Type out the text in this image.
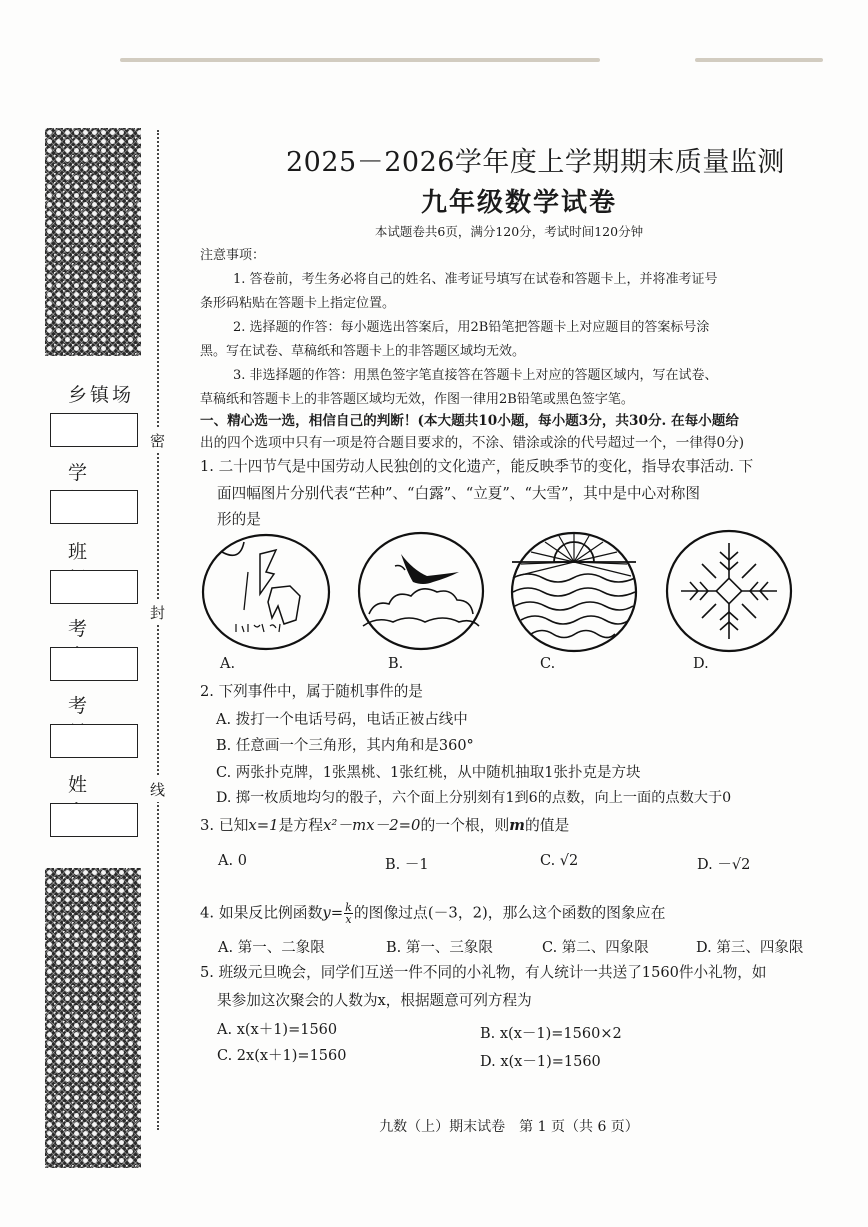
乡镇场
学　
班　
考　
考　
姓　
密
封
线
2025－2026学年度上学期期末质量监测
九年级数学试卷
本试题卷共6页，满分120分，考试时间120分钟
注意事项：
1. 答卷前，考生务必将自己的姓名、准考证号填写在试卷和答题卡上，并将准考证号
条形码粘贴在答题卡上指定位置。
2. 选择题的作答：每小题选出答案后，用2B铅笔把答题卡上对应题目的答案标号涂
黑。写在试卷、草稿纸和答题卡上的非答题区域均无效。
3. 非选择题的作答：用黑色签字笔直接答在答题卡上对应的答题区域内，写在试卷、
草稿纸和答题卡上的非答题区域均无效，作图一律用2B铅笔或黑色签字笔。
一、精心选一选，相信自己的判断！(本大题共10小题，每小题3分，共30分. 在每小题给
出的四个选项中只有一项是符合题目要求的，不涂、错涂或涂的代号超过一个，一律得0分)
1. 二十四节气是中国劳动人民独创的文化遗产，能反映季节的变化，指导农事活动. 下
面四幅图片分别代表“芒种”、“白露”、“立夏”、“大雪”，其中是中心对称图
形的是
A.	B.	C.	D.
2. 下列事件中，属于随机事件的是
A. 拨打一个电话号码，电话正被占线中
B. 任意画一个三角形，其内角和是360°
C. 两张扑克牌，1张黑桃、1张红桃，从中随机抽取1张扑克是方块
D. 掷一枚质地均匀的骰子，六个面上分别刻有1到6的点数，向上一面的点数大于0
3. 已知x=1是方程x²－mx－2=0的一个根，则m的值是
A. 0	B. －1	C. √2	D. －√2
4. 如果反比例函数$y= \frac{k}{x}$ 的图像过点(－3，2)，那么这个函数的图象应在
A. 第一、二象限	B. 第一、三象限	C. 第二、四象限	D. 第三、四象限
5. 班级元旦晚会，同学们互送一件不同的小礼物，有人统计一共送了1560件小礼物，如
果参加这次聚会的人数为x，根据题意可列方程为
A. x(x＋1)=1560	B. x(x－1)=1560×2
C. 2x(x＋1)=1560	D. x(x－1)=1560
九数（上）期末试卷　第 1 页（共 6 页）
